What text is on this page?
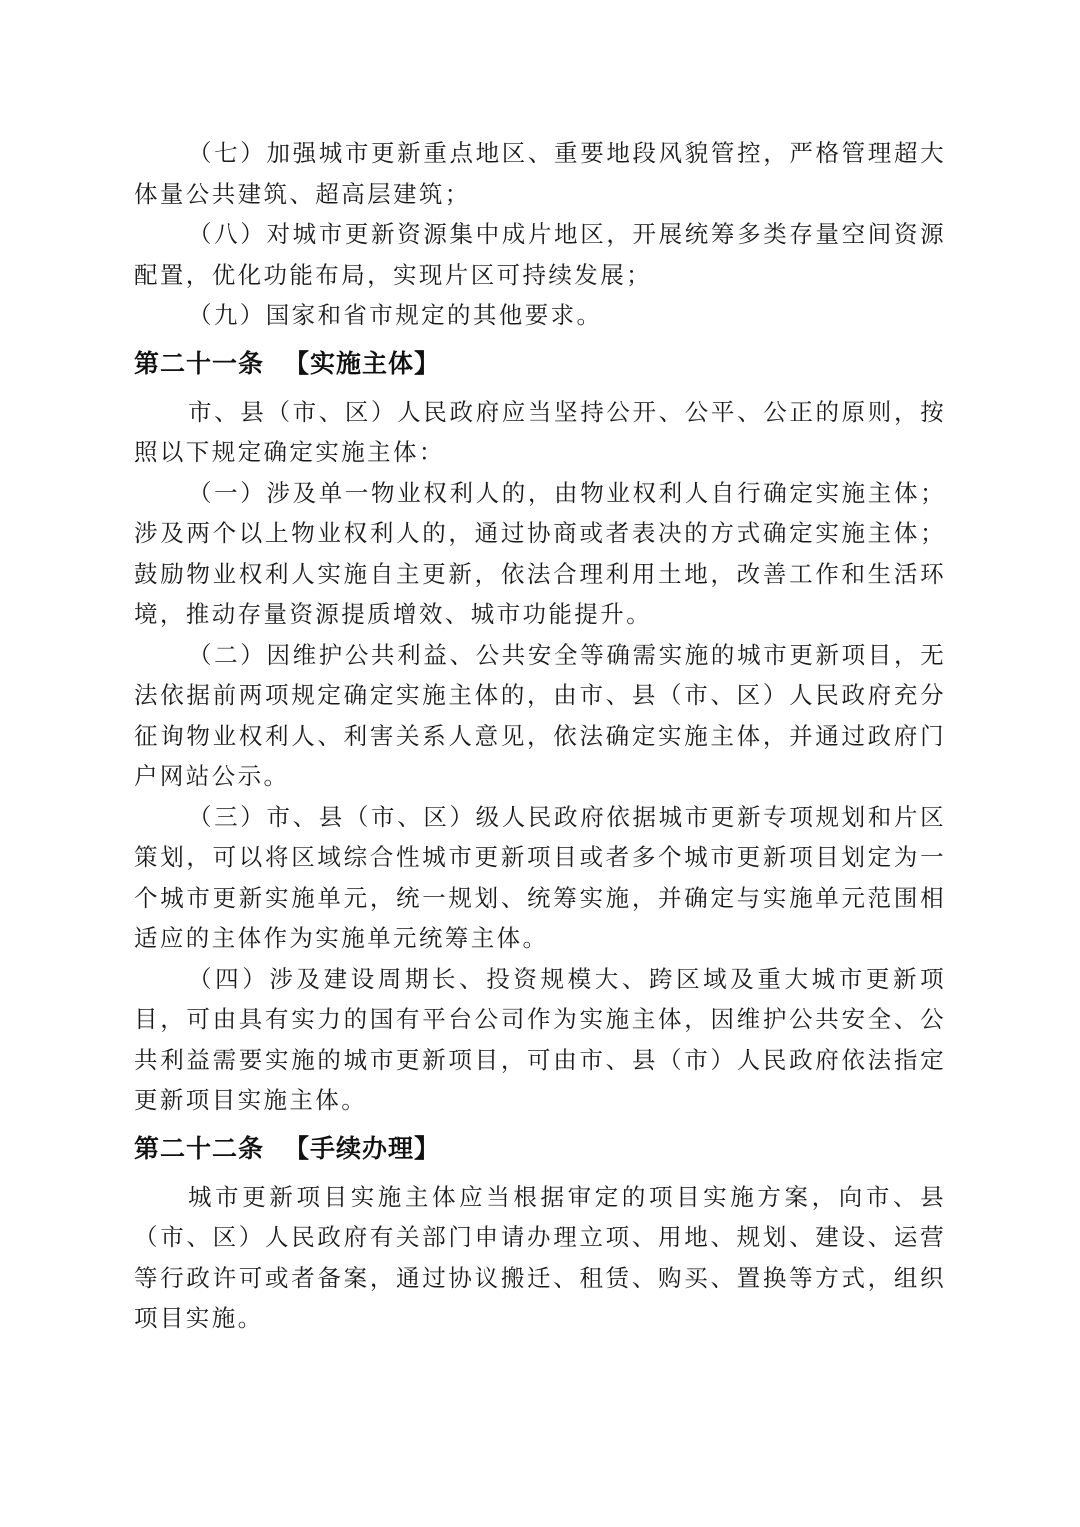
（七）加强城市更新重点地区、重要地段风貌管控，严格管理超大体量公共建筑、超高层建筑；

（八）对城市更新资源集中成片地区，开展统筹多类存量空间资源配置，优化功能布局，实现片区可持续发展；

（九）国家和省市规定的其他要求。

第二十一条 【实施主体】

市、县（市、区）人民政府应当坚持公开、公平、公正的原则，按照以下规定确定实施主体：

（一）涉及单一物业权利人的，由物业权利人自行确定实施主体；涉及两个以上物业权利人的，通过协商或者表决的方式确定实施主体；鼓励物业权利人实施自主更新，依法合理利用土地，改善工作和生活环境，推动存量资源提质增效、城市功能提升。

（二）因维护公共利益、公共安全等确需实施的城市更新项目，无法依据前两项规定确定实施主体的，由市、县（市、区）人民政府充分征询物业权利人、利害关系人意见，依法确定实施主体，并通过政府门户网站公示。

（三）市、县（市、区）级人民政府依据城市更新专项规划和片区策划，可以将区域综合性城市更新项目或者多个城市更新项目划定为一个城市更新实施单元，统一规划、统筹实施，并确定与实施单元范围相适应的主体作为实施单元统筹主体。

（四）涉及建设周期长、投资规模大、跨区域及重大城市更新项目，可由具有实力的国有平台公司作为实施主体，因维护公共安全、公共利益需要实施的城市更新项目，可由市、县（市）人民政府依法指定更新项目实施主体。

第二十二条 【手续办理】

城市更新项目实施主体应当根据审定的项目实施方案，向市、县（市、区）人民政府有关部门申请办理立项、用地、规划、建设、运营等行政许可或者备案，通过协议搬迁、租赁、购买、置换等方式，组织项目实施。
